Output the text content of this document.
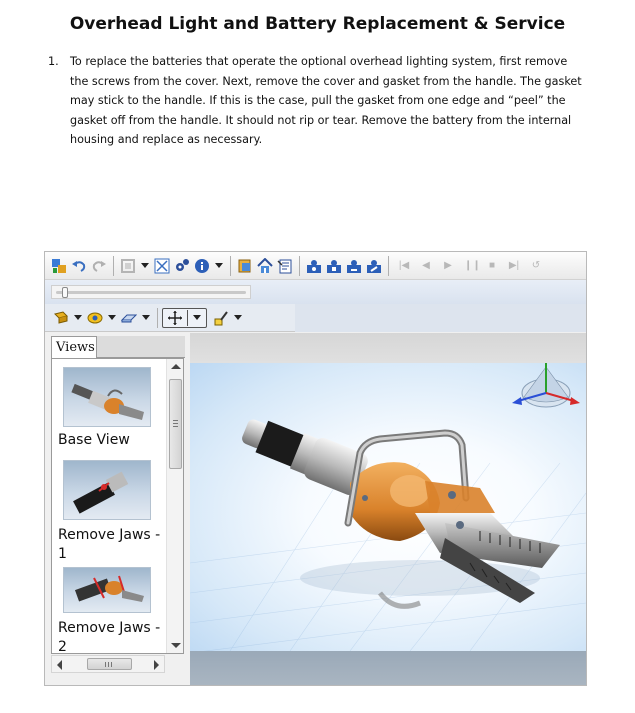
Overhead Light and Battery Replacement & Service
1. To replace the batteries that operate the optional overhead lighting system, first remove the screws from the cover. Next, remove the cover and gasket from the handle. The gasket may stick to the handle. If this is the case, pull the gasket from one edge and “peel” the gasket off from the handle. It should not rip or tear. Remove the battery from the internal housing and replace as necessary.
|◀ ◀ ▶ ❙❙ ■ ▶| ↺
Views
Base View
Remove Jaws - 1
Remove Jaws - 2
